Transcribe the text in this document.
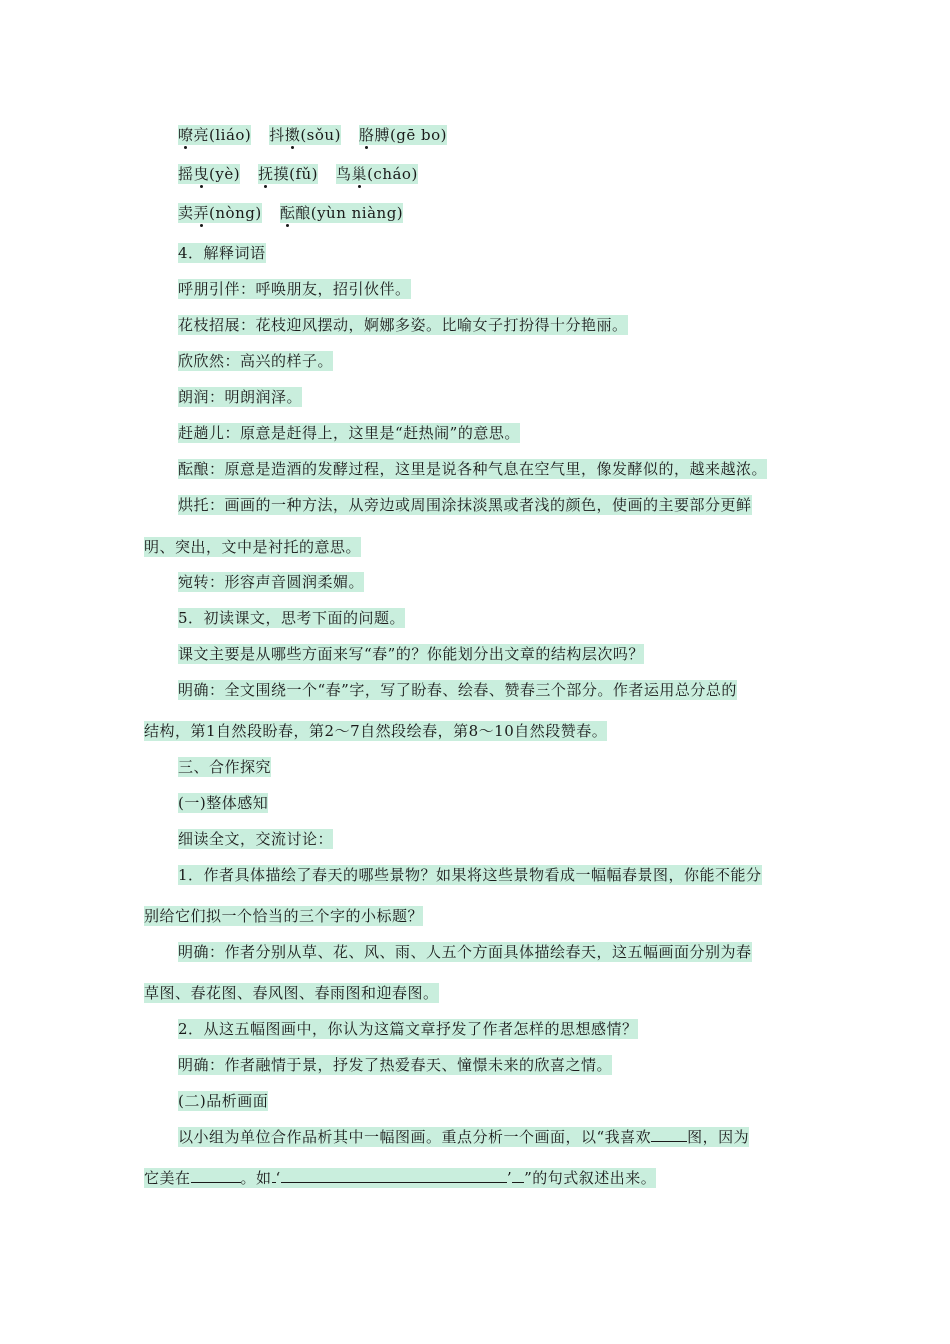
嘹亮(liáo) 抖擞(sǒu) 胳膊(gē bo)
摇曳(yè) 抚摸(fǔ) 鸟巢(cháo)
卖弄(nòng) 酝酿(yùn niàng)
4．解释词语
呼朋引伴：呼唤朋友，招引伙伴。
花枝招展：花枝迎风摆动，婀娜多姿。比喻女子打扮得十分艳丽。
欣欣然：高兴的样子。
朗润：明朗润泽。
赶趟儿：原意是赶得上，这里是“赶热闹”的意思。
酝酿：原意是造酒的发酵过程，这里是说各种气息在空气里，像发酵似的，越来越浓。
烘托：画画的一种方法，从旁边或周围涂抹淡黑或者浅的颜色，使画的主要部分更鲜
明、突出，文中是衬托的意思。
宛转：形容声音圆润柔媚。
5．初读课文，思考下面的问题。
课文主要是从哪些方面来写“春”的？你能划分出文章的结构层次吗？
明确：全文围绕一个“春”字，写了盼春、绘春、赞春三个部分。作者运用总分总的
结构，第1自然段盼春，第2～7自然段绘春，第8～10自然段赞春。
三、合作探究
(一)整体感知
细读全文，交流讨论：
1．作者具体描绘了春天的哪些景物？如果将这些景物看成一幅幅春景图，你能不能分
别给它们拟一个恰当的三个字的小标题？
明确：作者分别从草、花、风、雨、人五个方面具体描绘春天，这五幅画面分别为春
草图、春花图、春风图、春雨图和迎春图。
2．从这五幅图画中，你认为这篇文章抒发了作者怎样的思想感情？
明确：作者融情于景，抒发了热爱春天、憧憬未来的欣喜之情。
(二)品析画面
以小组为单位合作品析其中一幅图画。重点分析一个画面，以“我喜欢 图，因为
它美在	。如 ‘	’ ”的句式叙述出来。
